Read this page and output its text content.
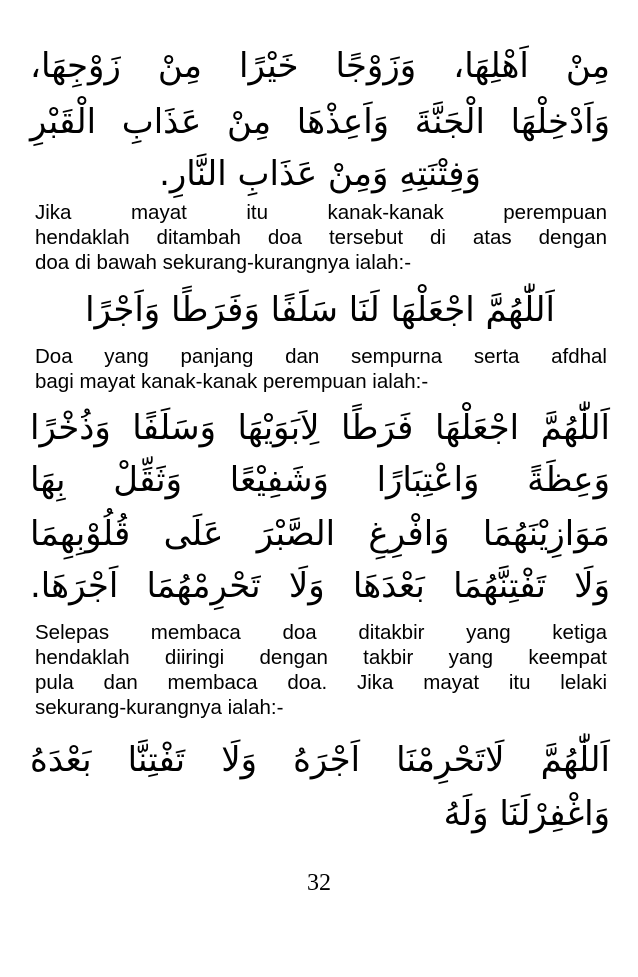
مِنْ اَهْلِهَا، وَزَوْجًا خَيْرًا مِنْ زَوْجِهَا،
وَاَدْخِلْهَا الْجَنَّةَ وَاَعِذْهَا مِنْ عَذَابِ الْقَبْرِ
وَفِتْنَتِهِ وَمِنْ عَذَابِ النَّارِ.
Jika mayat itu kanak-kanak perempuan
hendaklah ditambah doa tersebut di atas dengan
doa di bawah sekurang-kurangnya ialah:-
اَللّٰهُمَّ اجْعَلْهَا لَنَا سَلَفًا وَفَرَطًا وَاَجْرًا
Doa yang panjang dan sempurna serta afdhal
bagi mayat kanak-kanak perempuan ialah:-
اَللّٰهُمَّ اجْعَلْهَا فَرَطًا لِاَبَوَيْهَا وَسَلَفًا وَذُخْرًا
وَعِظَةً وَاعْتِبَارًا وَشَفِيْعًا وَثَقِّلْ بِهَا
مَوَازِيْنَهُمَا وَافْرِغِ الصَّبْرَ عَلَى قُلُوْبِهِمَا
وَلَا تَفْتِنَّهُمَا بَعْدَهَا وَلَا تَحْرِمْهُمَا اَجْرَهَا.
Selepas membaca doa ditakbir yang ketiga
hendaklah diiringi dengan takbir yang keempat
pula dan membaca doa. Jika mayat itu lelaki
sekurang-kurangnya ialah:-
اَللّٰهُمَّ لَاتَحْرِمْنَا اَجْرَهُ وَلَا تَفْتِنَّا بَعْدَهُ
وَاغْفِرْلَنَا وَلَهُ
32
